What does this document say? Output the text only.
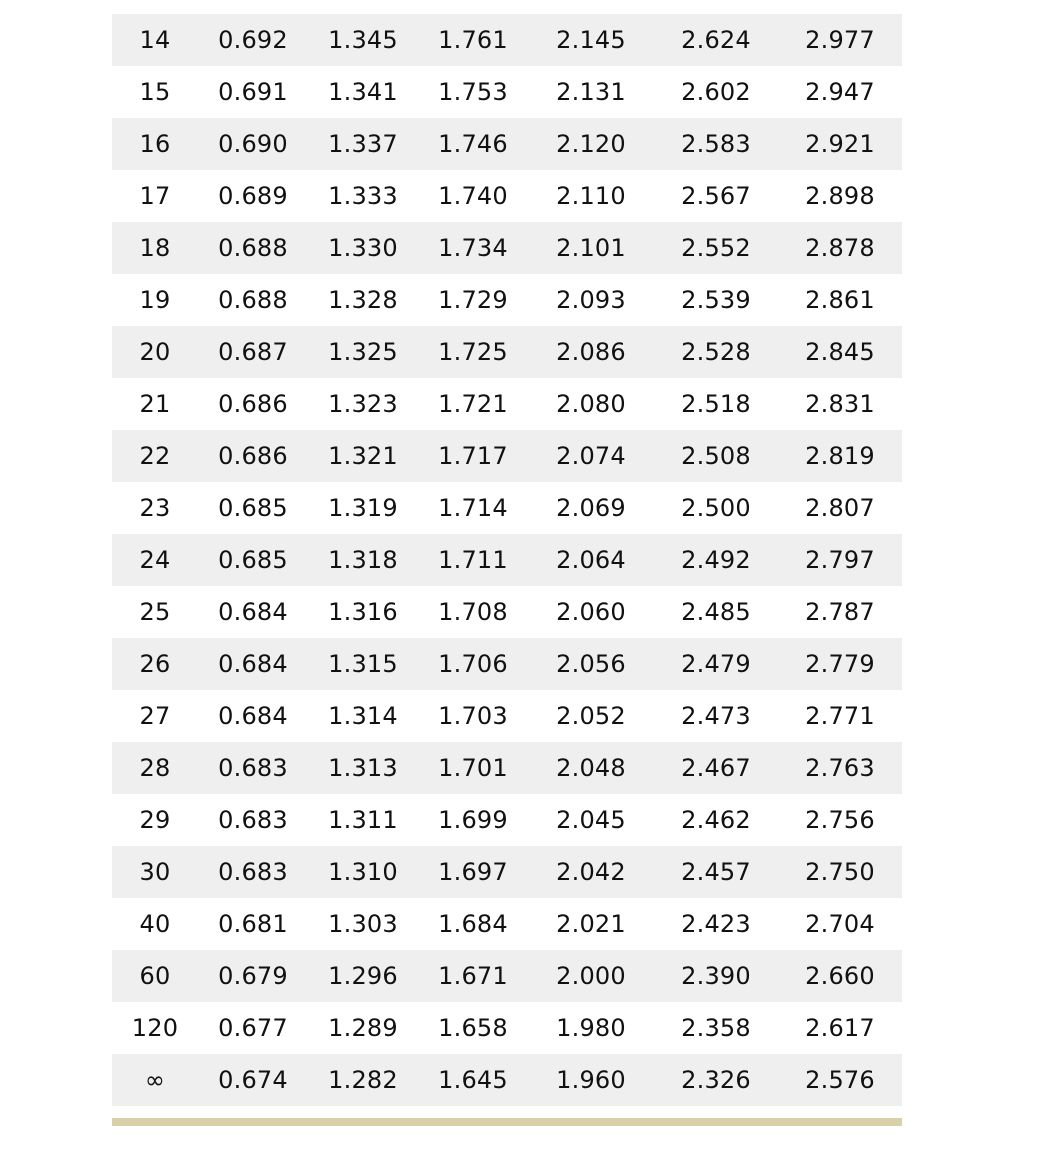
14	0.692	1.345	1.761	2.145	2.624	2.977
15	0.691	1.341	1.753	2.131	2.602	2.947
16	0.690	1.337	1.746	2.120	2.583	2.921
17	0.689	1.333	1.740	2.110	2.567	2.898
18	0.688	1.330	1.734	2.101	2.552	2.878
19	0.688	1.328	1.729	2.093	2.539	2.861
20	0.687	1.325	1.725	2.086	2.528	2.845
21	0.686	1.323	1.721	2.080	2.518	2.831
22	0.686	1.321	1.717	2.074	2.508	2.819
23	0.685	1.319	1.714	2.069	2.500	2.807
24	0.685	1.318	1.711	2.064	2.492	2.797
25	0.684	1.316	1.708	2.060	2.485	2.787
26	0.684	1.315	1.706	2.056	2.479	2.779
27	0.684	1.314	1.703	2.052	2.473	2.771
28	0.683	1.313	1.701	2.048	2.467	2.763
29	0.683	1.311	1.699	2.045	2.462	2.756
30	0.683	1.310	1.697	2.042	2.457	2.750
40	0.681	1.303	1.684	2.021	2.423	2.704
60	0.679	1.296	1.671	2.000	2.390	2.660
120	0.677	1.289	1.658	1.980	2.358	2.617
∞	0.674	1.282	1.645	1.960	2.326	2.576
